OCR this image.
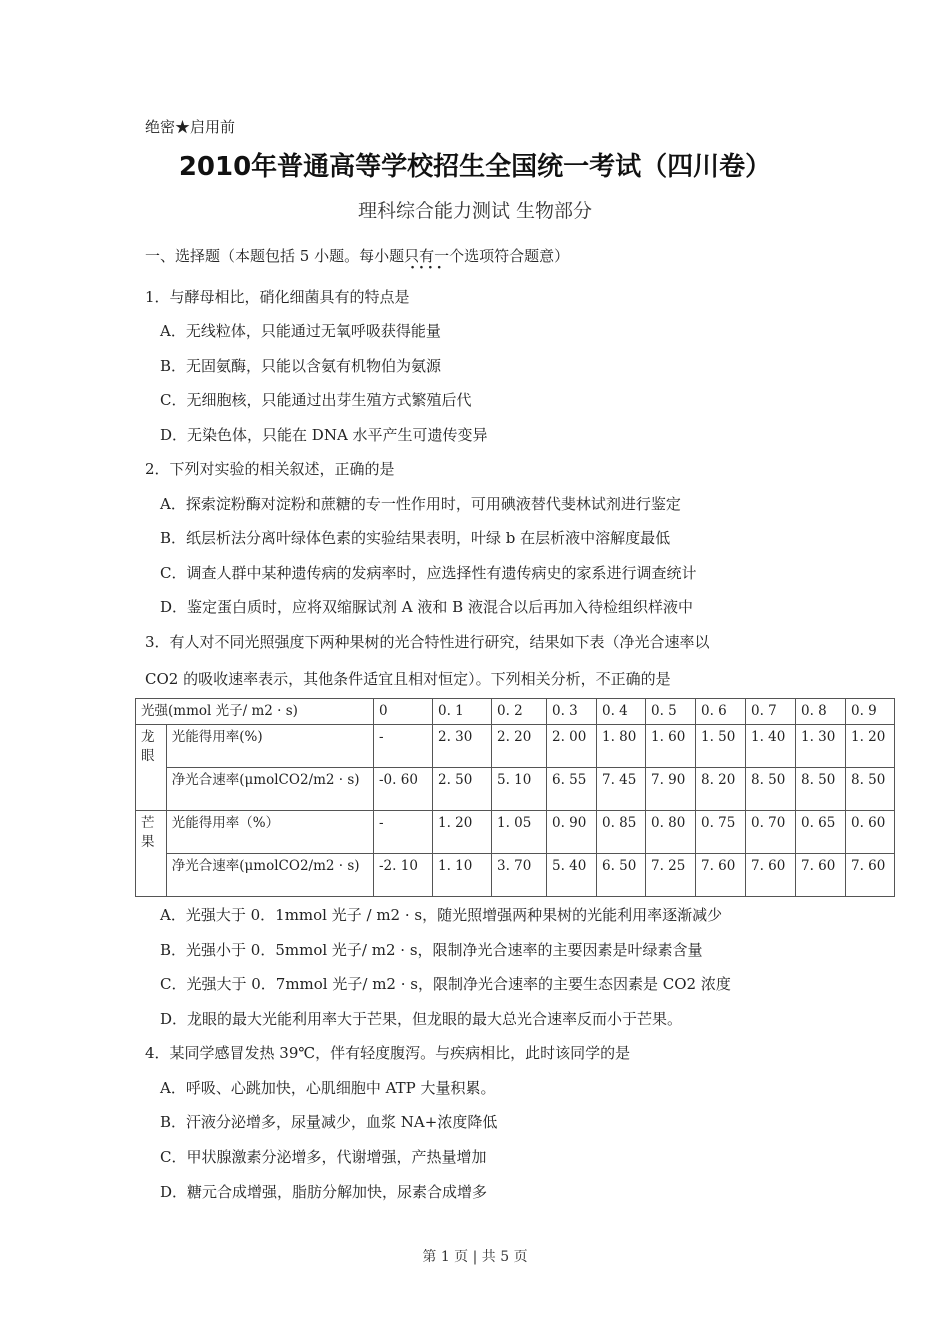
绝密★启用前
2010年普通高等学校招生全国统一考试（四川卷）
理科综合能力测试 生物部分
一、选择题（本题包括 5 小题。每小题只有一个 ····选项符合题意）
1．与酵母相比，硝化细菌具有的特点是
A．无线粒体，只能通过无氧呼吸获得能量
B．无固氨酶，只能以含氨有机物伯为氨源
C．无细胞核，只能通过出芽生殖方式繁殖后代
D．无染色体，只能在 DNA 水平产生可遗传变异
2．下列对实验的相关叙述，正确的是
A．探索淀粉酶对淀粉和蔗糖的专一性作用时，可用碘液替代斐林试剂进行鉴定
B．纸层析法分离叶绿体色素的实验结果表明，叶绿 b 在层析液中溶解度最低
C．调查人群中某种遗传病的发病率时，应选择性有遗传病史的家系进行调查统计
D．鉴定蛋白质时，应将双缩脲试剂 A 液和 B 液混合以后再加入待检组织样液中
3．有人对不同光照强度下两种果树的光合特性进行研究，结果如下表（净光合速率以
CO2 的吸收速率表示，其他条件适宜且相对恒定）。下列相关分析，不正确的是
光强(mmol 光子/ m2 · s)		0	0. 1	0. 2	0. 3	0. 4	0. 5	0. 6	0. 7	0. 8	0. 9
龙眼	光能得用率(%)	-	2. 30	2. 20	2. 00	1. 80	1. 60	1. 50	1. 40	1. 30	1. 20
	净光合速率(μmolCO2/m2 · s)	-0. 60	2. 50	5. 10	6. 55	7. 45	7. 90	8. 20	8. 50	8. 50	8. 50
芒果	光能得用率（%）	-	1. 20	1. 05	0. 90	0. 85	0. 80	0. 75	0. 70	0. 65	0. 60
	净光合速率(μmolCO2/m2 · s)	-2. 10	1. 10	3. 70	5. 40	6. 50	7. 25	7. 60	7. 60	7. 60	7. 60
A．光强大于 0．1mmol 光子 / m2 · s，随光照增强两种果树的光能利用率逐渐减少
B．光强小于 0．5mmol 光子/ m2 · s，限制净光合速率的主要因素是叶绿素含量
C．光强大于 0．7mmol 光子/ m2 · s，限制净光合速率的主要生态因素是 CO2 浓度
D．龙眼的最大光能利用率大于芒果，但龙眼的最大总光合速率反而小于芒果。
4．某同学感冒发热 39℃，伴有轻度腹泻。与疾病相比，此时该同学的是
A．呼吸、心跳加快，心肌细胞中 ATP 大量积累。
B．汗液分泌增多，尿量减少，血浆 NA+浓度降低
C．甲状腺激素分泌增多，代谢增强，产热量增加
D．糖元合成增强，脂肪分解加快，尿素合成增多
第 1 页 | 共 5 页
